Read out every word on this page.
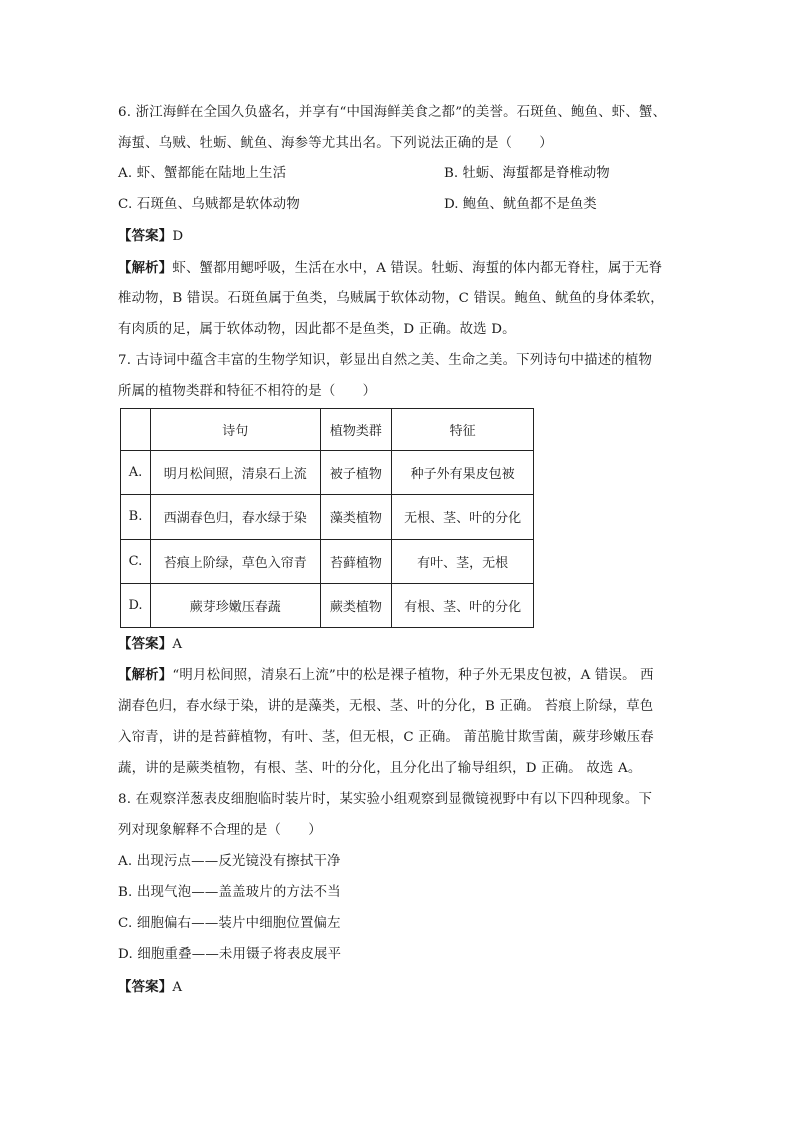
6. 浙江海鲜在全国久负盛名，并享有“中国海鲜美食之都”的美誉。石斑鱼、鲍鱼、虾、蟹、
海蜇、乌贼、牡蛎、鱿鱼、海参等尤其出名。下列说法正确的是（　　）
A. 虾、蟹都能在陆地上生活	B. 牡蛎、海蜇都是脊椎动物
C. 石斑鱼、乌贼都是软体动物	D. 鲍鱼、鱿鱼都不是鱼类
【答案】D
【解析】虾、蟹都用鳃呼吸，生活在水中，A 错误。牡蛎、海蜇的体内都无脊柱，属于无脊
椎动物，B 错误。石斑鱼属于鱼类，乌贼属于软体动物，C 错误。鲍鱼、鱿鱼的身体柔软，
有肉质的足，属于软体动物，因此都不是鱼类，D 正确。故选 D。
7. 古诗词中蕴含丰富的生物学知识，彰显出自然之美、生命之美。下列诗句中描述的植物
所属的植物类群和特征不相符的是（　　）
	诗句	植物类群	特征
A.	明月松间照，清泉石上流	被子植物	种子外有果皮包被
B.	西湖春色归，春水绿于染	藻类植物	无根、茎、叶的分化
C.	苔痕上阶绿，草色入帘青	苔藓植物	有叶、茎，无根
D.	蕨芽珍嫩压春蔬	蕨类植物	有根、茎、叶的分化
【答案】A
【解析】“明月松间照，清泉石上流”中的松是裸子植物，种子外无果皮包被，A 错误。 西
湖春色归，春水绿于染，讲的是藻类，无根、茎、叶的分化，B 正确。 苔痕上阶绿，草色
入帘青，讲的是苔藓植物，有叶、茎，但无根，C 正确。 莆茁脆甘欺雪菌，蕨芽珍嫩压春
蔬，讲的是蕨类植物，有根、茎、叶的分化，且分化出了输导组织，D 正确。 故选 A。
8. 在观察洋葱表皮细胞临时装片时，某实验小组观察到显微镜视野中有以下四种现象。下
列对现象解释不合理的是（　　）
A. 出现污点——反光镜没有擦拭干净
B. 出现气泡——盖盖玻片的方法不当
C. 细胞偏右——装片中细胞位置偏左
D. 细胞重叠——未用镊子将表皮展平
【答案】A
